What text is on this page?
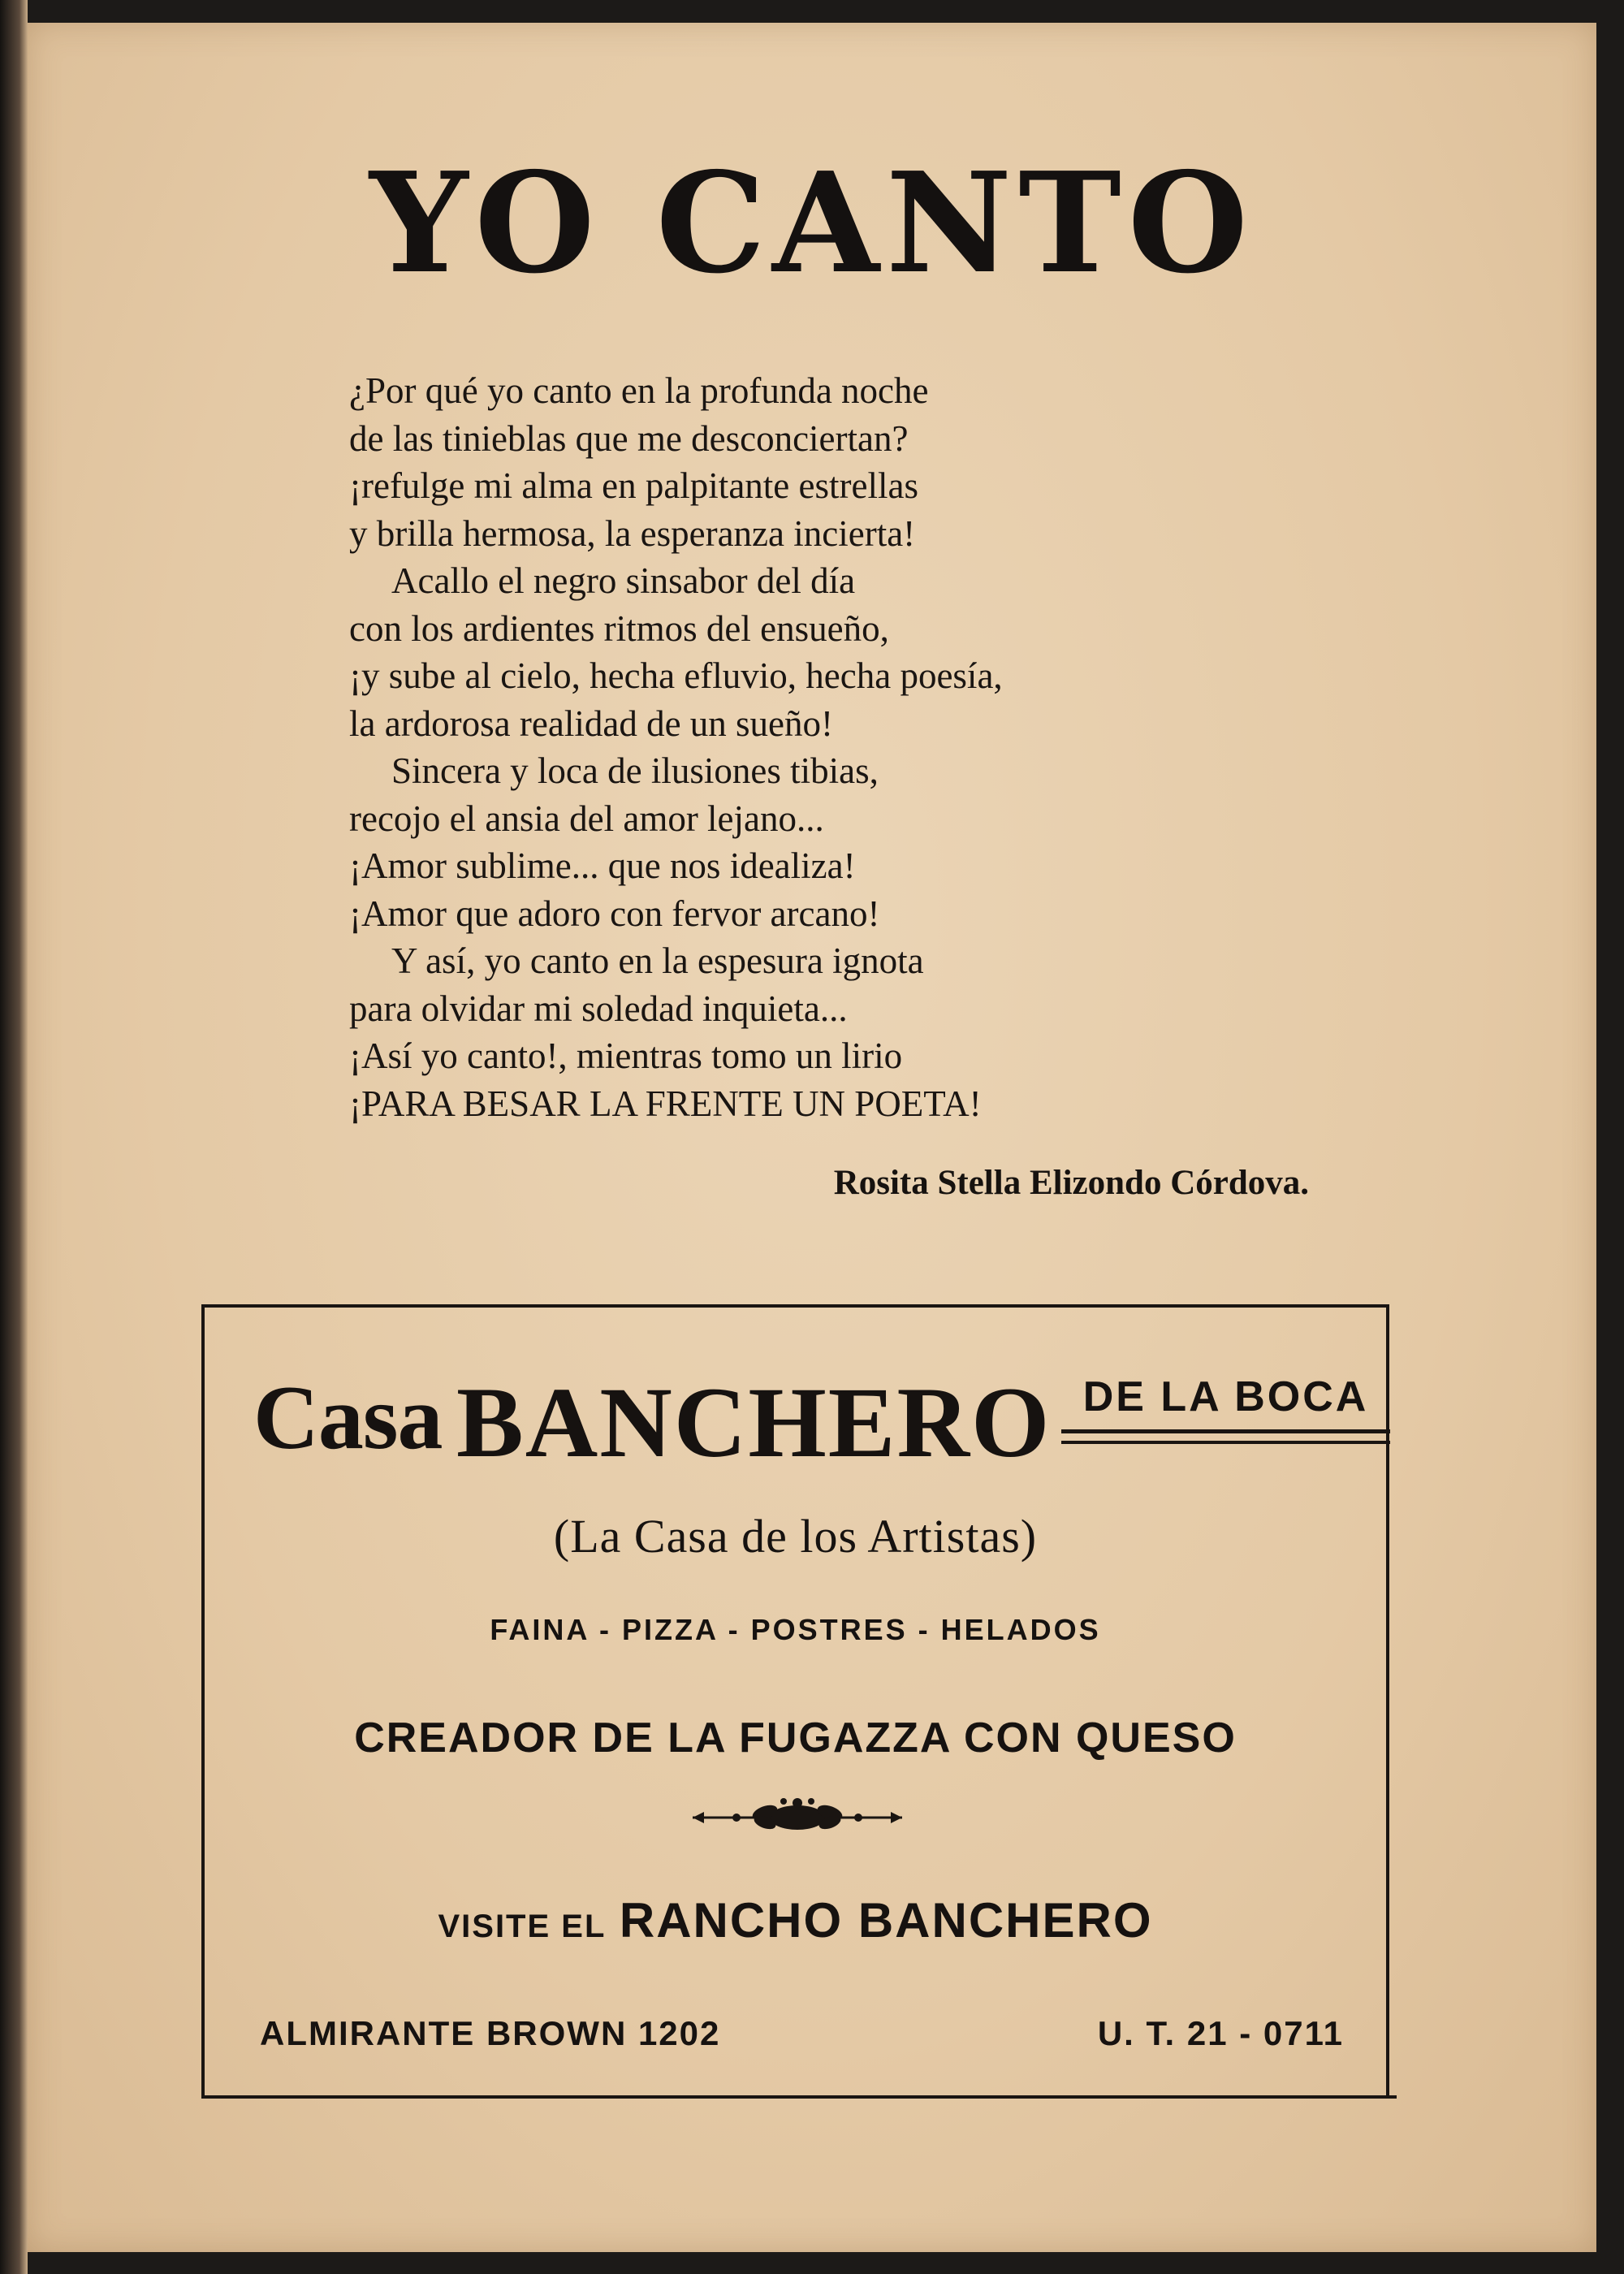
YO CANTO
¿Por qué yo canto en la profunda noche
de las tinieblas que me desconciertan?
¡refulge mi alma en palpitante estrellas
y brilla hermosa, la esperanza incierta!
Acallo el negro sinsabor del día
con los ardientes ritmos del ensueño,
¡y sube al cielo, hecha efluvio, hecha poesía,
la ardorosa realidad de un sueño!
Sincera y loca de ilusiones tibias,
recojo el ansia del amor lejano...
¡Amor sublime... que nos idealiza!
¡Amor que adoro con fervor arcano!
Y así, yo canto en la espesura ignota
para olvidar mi soledad inquieta...
¡Así yo canto!, mientras tomo un lirio
¡PARA BESAR LA FRENTE UN POETA!
Rosita Stella Elizondo Córdova.
Casa BANCHERO DE LA BOCA
(La Casa de los Artistas)
FAINA - PIZZA - POSTRES - HELADOS
CREADOR DE LA FUGAZZA CON QUESO
VISITE EL RANCHO BANCHERO
ALMIRANTE BROWN 1202	U. T. 21 - 0711
